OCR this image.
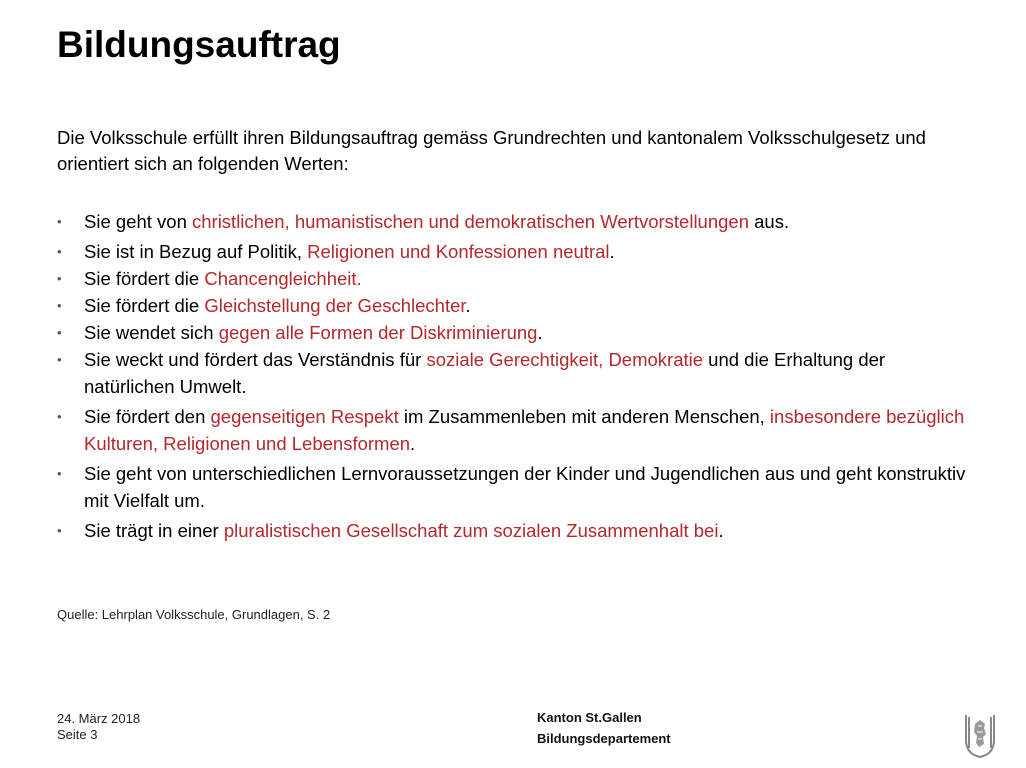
Bildungsauftrag

Die Volksschule erfüllt ihren Bildungsauftrag gemäss Grundrechten und kantonalem Volksschulgesetz und orientiert sich an folgenden Werten:

• Sie geht von christlichen, humanistischen und demokratischen Wertvorstellungen aus.
• Sie ist in Bezug auf Politik, Religionen und Konfessionen neutral.
• Sie fördert die Chancengleichheit.
• Sie fördert die Gleichstellung der Geschlechter.
• Sie wendet sich gegen alle Formen der Diskriminierung.
• Sie weckt und fördert das Verständnis für soziale Gerechtigkeit, Demokratie und die Erhaltung der natürlichen Umwelt.
• Sie fördert den gegenseitigen Respekt im Zusammenleben mit anderen Menschen, insbesondere bezüglich Kulturen, Religionen und Lebensformen.
• Sie geht von unterschiedlichen Lernvoraussetzungen der Kinder und Jugendlichen aus und geht konstruktiv mit Vielfalt um.
• Sie trägt in einer pluralistischen Gesellschaft zum sozialen Zusammenhalt bei.
Quelle: Lehrplan Volksschule, Grundlagen, S. 2
24. März 2018
Seite 3
Kanton St.Gallen
Bildungsdepartement
